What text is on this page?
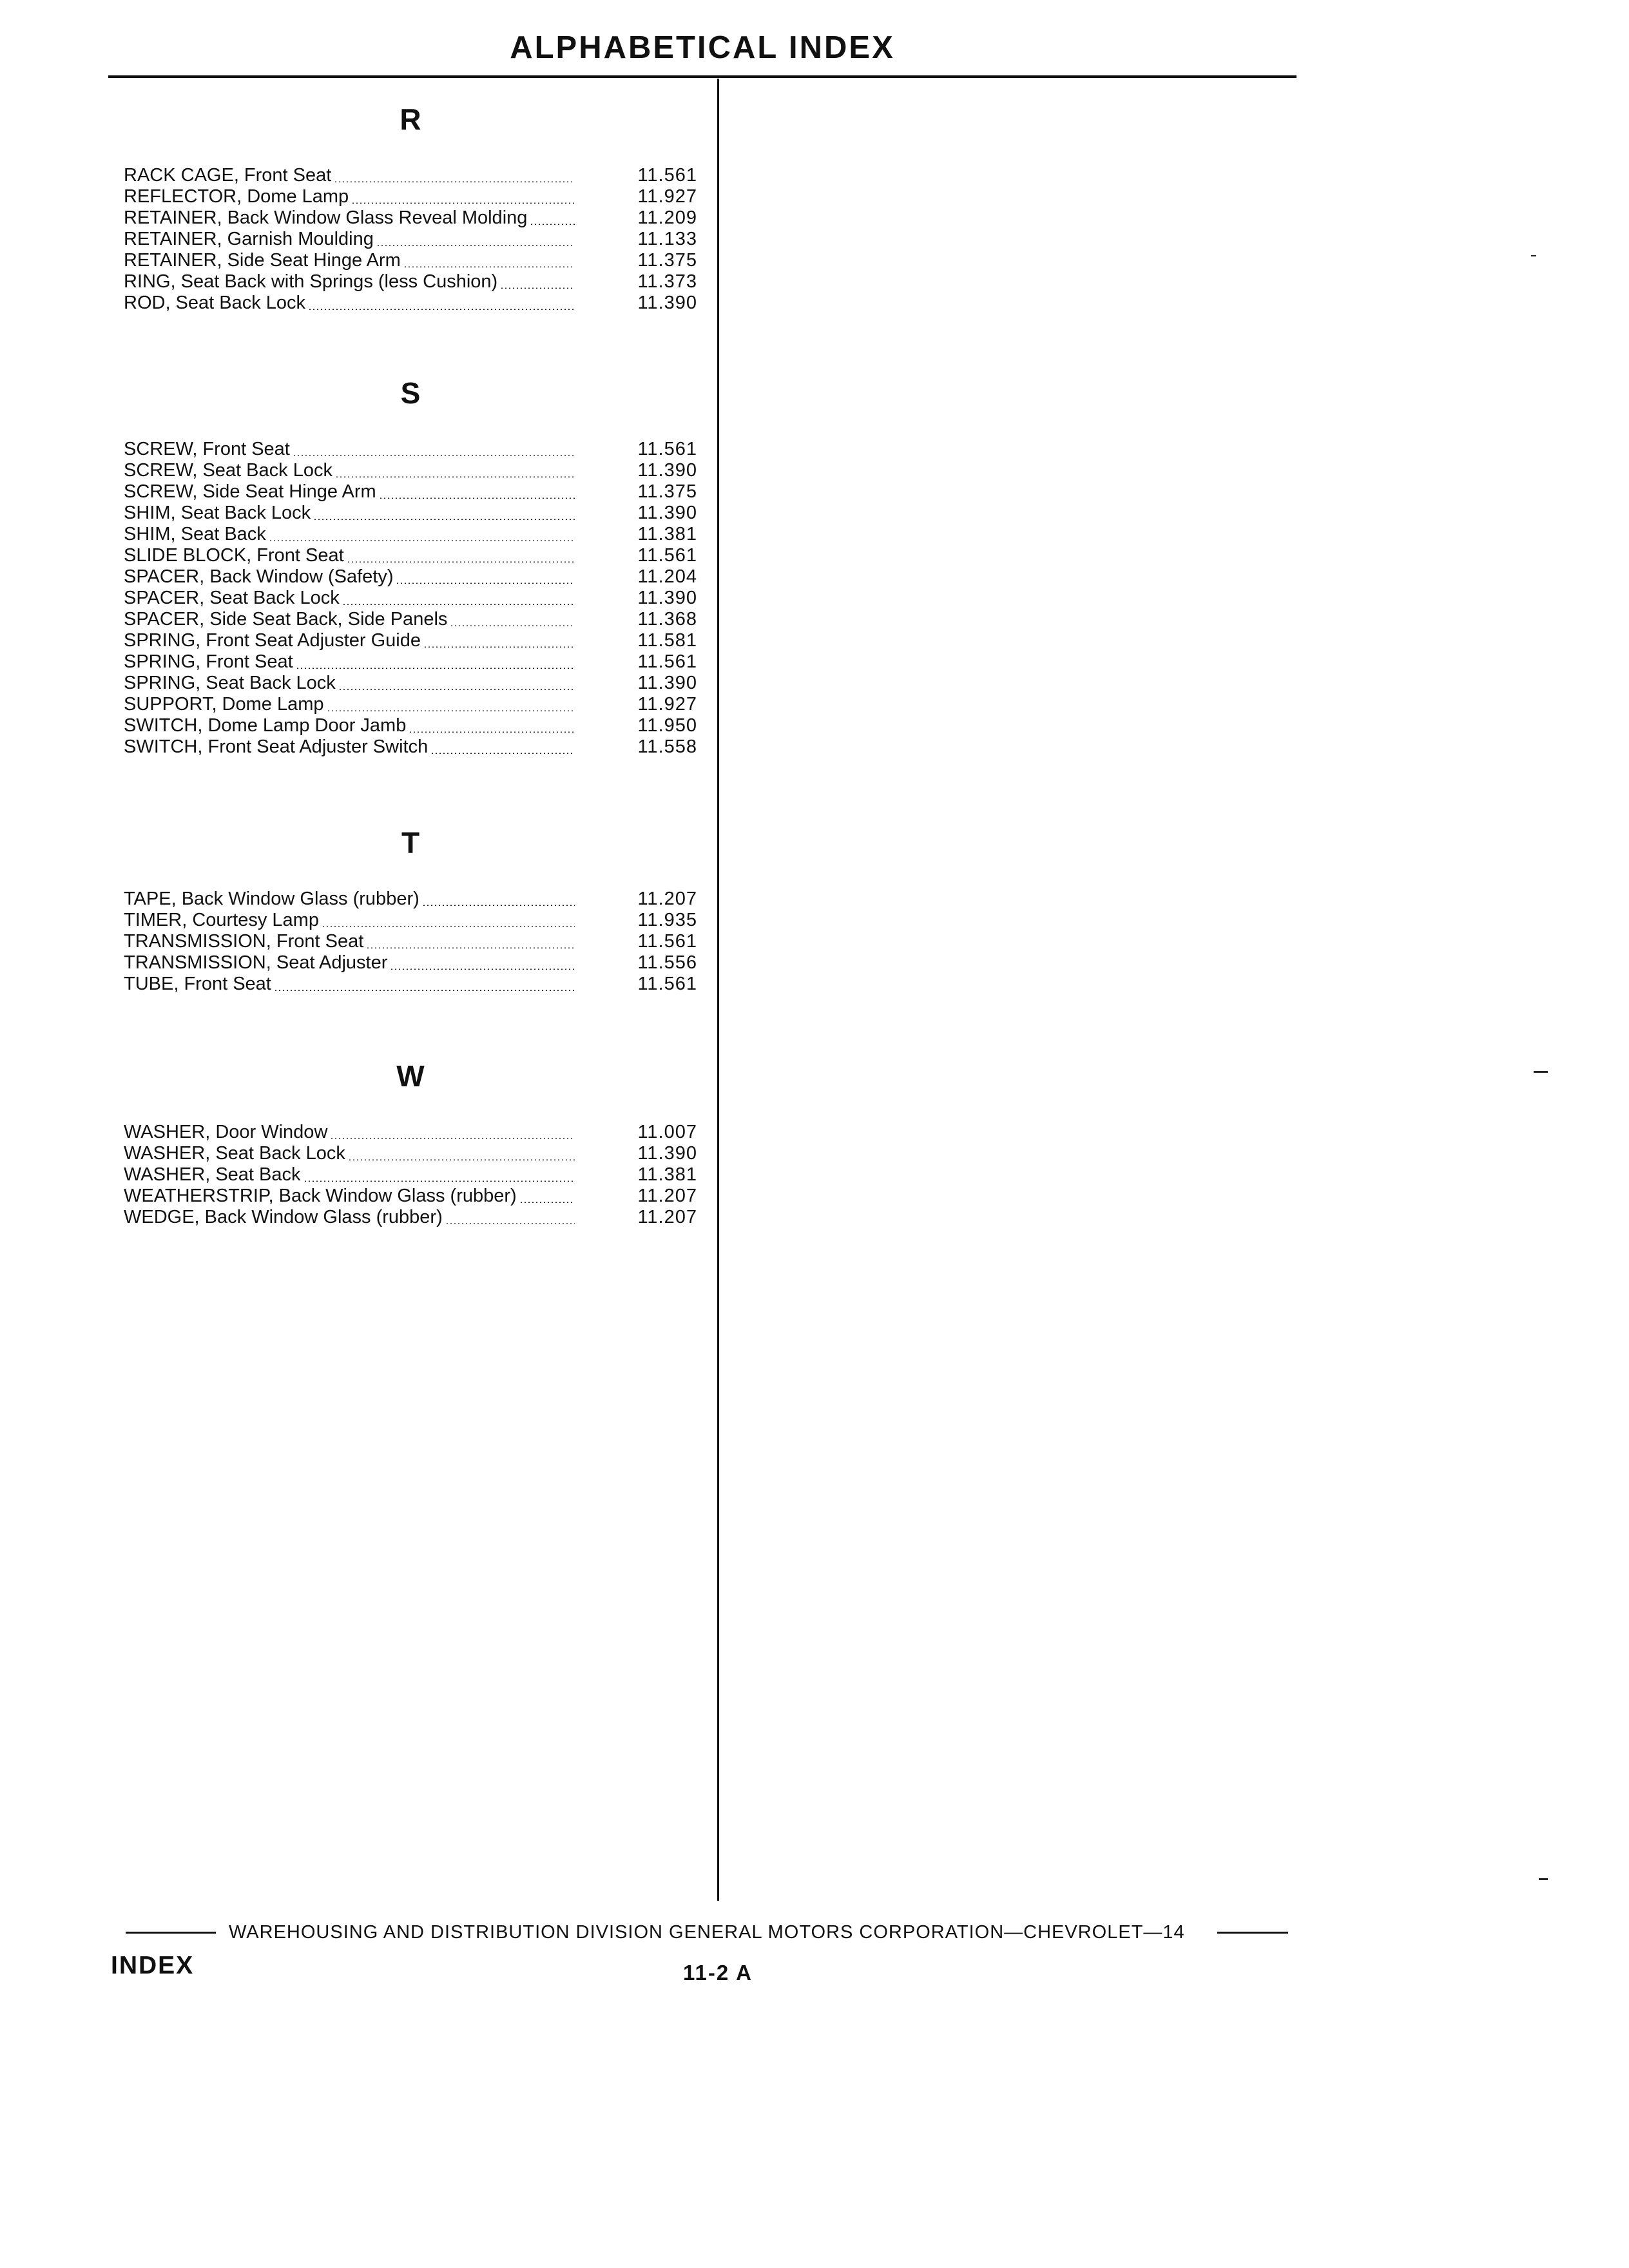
ALPHABETICAL INDEX
R
RACK CAGE, Front Seat	11.561
REFLECTOR, Dome Lamp	11.927
RETAINER, Back Window Glass Reveal Molding	11.209
RETAINER, Garnish Moulding	11.133
RETAINER, Side Seat Hinge Arm	11.375
RING, Seat Back with Springs (less Cushion)	11.373
ROD, Seat Back Lock	11.390
S
SCREW, Front Seat	11.561
SCREW, Seat Back Lock	11.390
SCREW, Side Seat Hinge Arm	11.375
SHIM, Seat Back Lock	11.390
SHIM, Seat Back	11.381
SLIDE BLOCK, Front Seat	11.561
SPACER, Back Window (Safety)	11.204
SPACER, Seat Back Lock	11.390
SPACER, Side Seat Back, Side Panels	11.368
SPRING, Front Seat Adjuster Guide	11.581
SPRING, Front Seat	11.561
SPRING, Seat Back Lock	11.390
SUPPORT, Dome Lamp	11.927
SWITCH, Dome Lamp Door Jamb	11.950
SWITCH, Front Seat Adjuster Switch	11.558
T
TAPE, Back Window Glass (rubber)	11.207
TIMER, Courtesy Lamp	11.935
TRANSMISSION, Front Seat	11.561
TRANSMISSION, Seat Adjuster	11.556
TUBE, Front Seat	11.561
W
WASHER, Door Window	11.007
WASHER, Seat Back Lock	11.390
WASHER, Seat Back	11.381
WEATHERSTRIP, Back Window Glass (rubber)	11.207
WEDGE, Back Window Glass (rubber)	11.207
WAREHOUSING AND DISTRIBUTION DIVISION GENERAL MOTORS CORPORATION—CHEVROLET—14
INDEX	11-2 A
